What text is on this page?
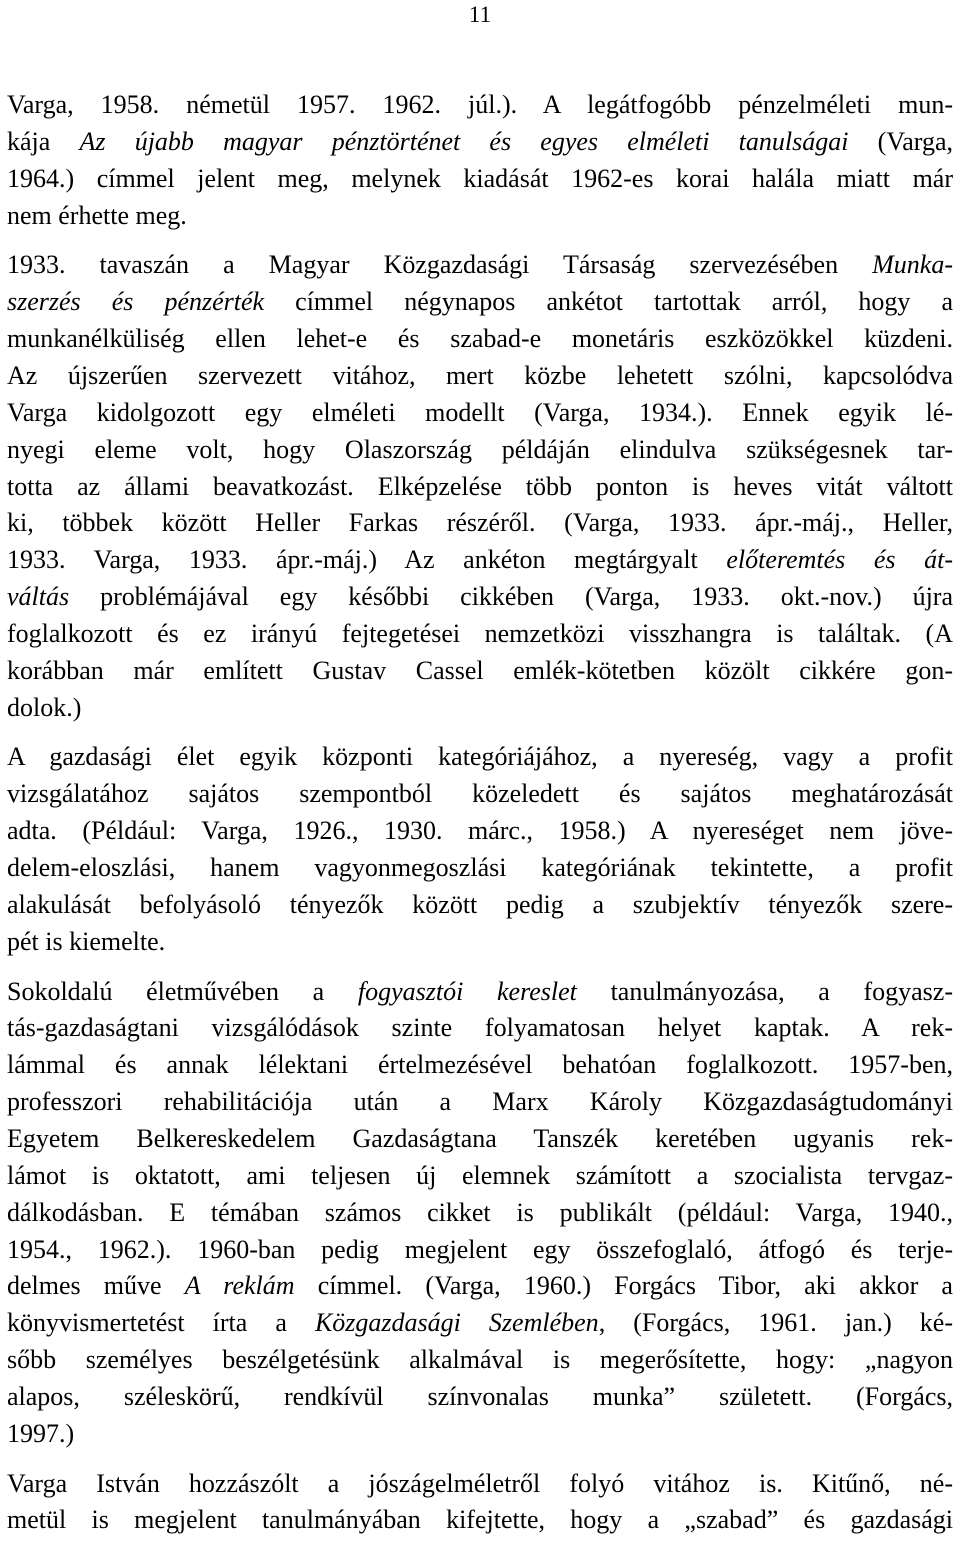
11
Varga, 1958. németül 1957. 1962. júl.). A legátfogóbb pénzelméleti mun-
kája Az újabb magyar pénztörténet és egyes elméleti tanulságai (Varga,
1964.) címmel jelent meg, melynek kiadását 1962-es korai halála miatt már
nem érhette meg.
1933. tavaszán a Magyar Közgazdasági Társaság szervezésében Munka-
szerzés és pénzérték címmel négynapos ankétot tartottak arról, hogy a
munkanélküliség ellen lehet-e és szabad-e monetáris eszközökkel küzdeni.
Az újszerűen szervezett vitához, mert közbe lehetett szólni, kapcsolódva
Varga kidolgozott egy elméleti modellt (Varga, 1934.). Ennek egyik lé-
nyegi eleme volt, hogy Olaszország példáján elindulva szükségesnek tar-
totta az állami beavatkozást. Elképzelése több ponton is heves vitát váltott
ki, többek között Heller Farkas részéről. (Varga, 1933. ápr.-máj., Heller,
1933. Varga, 1933. ápr.-máj.) Az ankéton megtárgyalt előteremtés és át-
váltás problémájával egy későbbi cikkében (Varga, 1933. okt.-nov.) újra
foglalkozott és ez irányú fejtegetései nemzetközi visszhangra is találtak. (A
korábban már említett Gustav Cassel emlék-kötetben közölt cikkére gon-
dolok.)
A gazdasági élet egyik központi kategóriájához, a nyereség, vagy a profit
vizsgálatához sajátos szempontból közeledett és sajátos meghatározását
adta. (Például: Varga, 1926., 1930. márc., 1958.) A nyereséget nem jöve-
delem-eloszlási, hanem vagyonmegoszlási kategóriának tekintette, a profit
alakulását befolyásoló tényezők között pedig a szubjektív tényezők szere-
pét is kiemelte.
Sokoldalú életművében a fogyasztói kereslet tanulmányozása, a fogyasz-
tás-gazdaságtani vizsgálódások szinte folyamatosan helyet kaptak. A rek-
lámmal és annak lélektani értelmezésével behatóan foglalkozott. 1957-ben,
professzori rehabilitációja után a Marx Károly Közgazdaságtudományi
Egyetem Belkereskedelem Gazdaságtana Tanszék keretében ugyanis rek-
lámot is oktatott, ami teljesen új elemnek számított a szocialista tervgaz-
dálkodásban. E témában számos cikket is publikált (például: Varga, 1940.,
1954., 1962.). 1960-ban pedig megjelent egy összefoglaló, átfogó és terje-
delmes műve A reklám címmel. (Varga, 1960.) Forgács Tibor, aki akkor a
könyvismertetést írta a Közgazdasági Szemlében, (Forgács, 1961. jan.) ké-
sőbb személyes beszélgetésünk alkalmával is megerősítette, hogy: „nagyon
alapos, széleskörű, rendkívül színvonalas munka” született. (Forgács,
1997.)
Varga István hozzászólt a jószágelméletről folyó vitához is. Kitűnő, né-
metül is megjelent tanulmányában kifejtette, hogy a „szabad” és gazdasági
